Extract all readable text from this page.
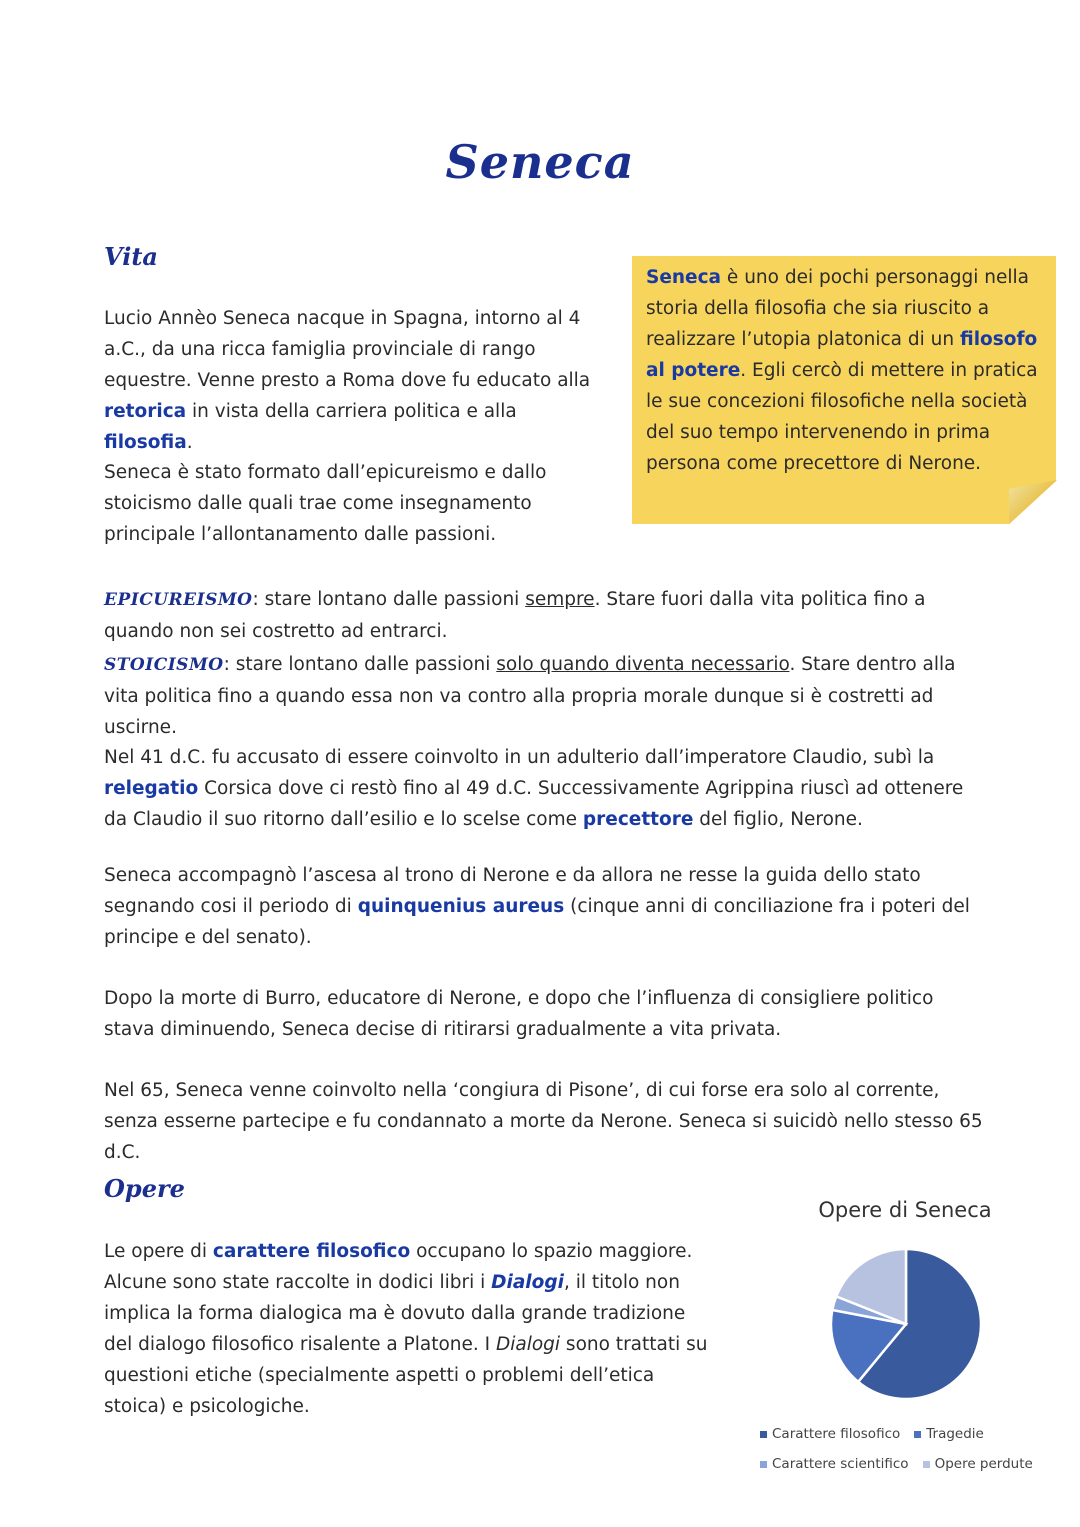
Seneca
Vita
Lucio Annèo Seneca nacque in Spagna, intorno al 4 a.C., da una ricca famiglia provinciale di rango equestre. Venne presto a Roma dove fu educato alla retorica in vista della carriera politica e alla filosofia.
Seneca è stato formato dall’epicureismo e dallo stoicismo dalle quali trae come insegnamento principale l’allontanamento dalle passioni.
Seneca è uno dei pochi personaggi nella storia della filosofia che sia riuscito a realizzare l’utopia platonica di un filosofo al potere. Egli cercò di mettere in pratica le sue concezioni filosofiche nella società del suo tempo intervenendo in prima persona come precettore di Nerone.
EPICUREISMO: stare lontano dalle passioni sempre. Stare fuori dalla vita politica fino a quando non sei costretto ad entrarci.
STOICISMO: stare lontano dalle passioni solo quando diventa necessario. Stare dentro alla vita politica fino a quando essa non va contro alla propria morale dunque si è costretti ad uscirne.
Nel 41 d.C. fu accusato di essere coinvolto in un adulterio dall’imperatore Claudio, subì la relegatio Corsica dove ci restò fino al 49 d.C. Successivamente Agrippina riuscì ad ottenere da Claudio il suo ritorno dall’esilio e lo scelse come precettore del figlio, Nerone.
Seneca accompagnò l’ascesa al trono di Nerone e da allora ne resse la guida dello stato segnando cosi il periodo di quinquenius aureus (cinque anni di conciliazione fra i poteri del principe e del senato).
Dopo la morte di Burro, educatore di Nerone, e dopo che l’influenza di consigliere politico stava diminuendo, Seneca decise di ritirarsi gradualmente a vita privata.
Nel 65, Seneca venne coinvolto nella ‘congiura di Pisone’, di cui forse era solo al corrente, senza esserne partecipe e fu condannato a morte da Nerone. Seneca si suicidò nello stesso 65 d.C.
Opere
Le opere di carattere filosofico occupano lo spazio maggiore. Alcune sono state raccolte in dodici libri i Dialogi, il titolo non implica la forma dialogica ma è dovuto dalla grande tradizione del dialogo filosofico risalente a Platone. I Dialogi sono trattati su questioni etiche (specialmente aspetti o problemi dell’etica stoica) e psicologiche.
Opere di Seneca
Carattere filosofico Tragedie
Carattere scientifico Opere perdute
